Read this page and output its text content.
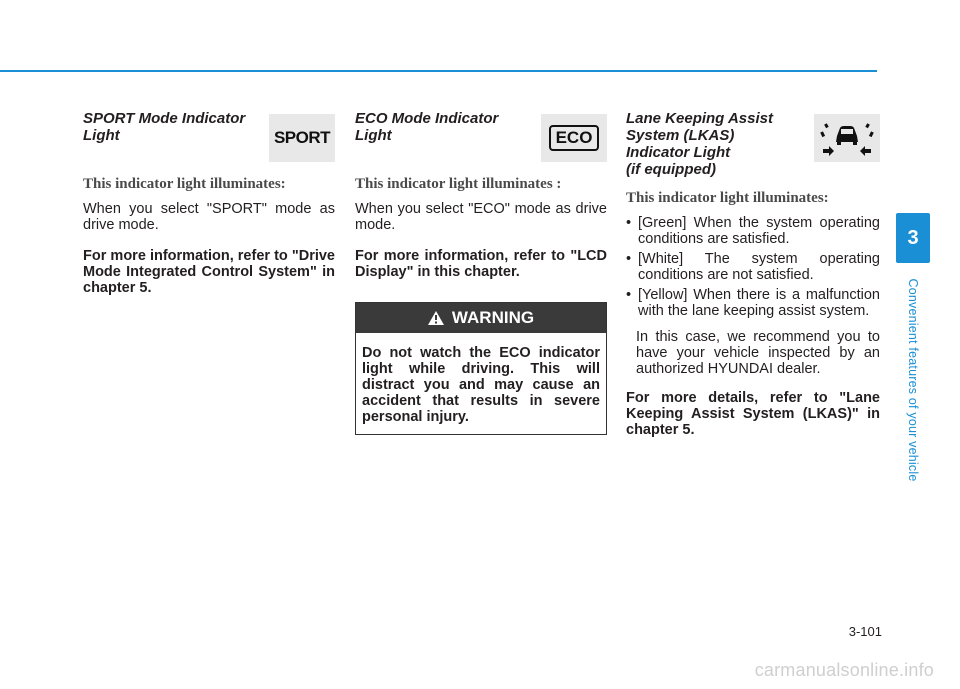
SPORT Mode Indicator Light	SPORT
This indicator light illuminates:

When you select "SPORT" mode as drive mode.

For more information, refer to "Drive Mode Integrated Control System" in chapter 5.

ECO Mode Indicator Light	ECO
This indicator light illuminates :

When you select "ECO" mode as drive mode.

For more information, refer to "LCD Display" in this chapter.

WARNING
Do not watch the ECO indicator light while driving. This will distract you and may cause an accident that results in severe personal injury.
Lane Keeping Assist
System (LKAS)
Indicator Light
(if equipped)
This indicator light illuminates:
• [Green] When the system operating conditions are satisfied.
• [White] The system operating conditions are not satisfied.
• [Yellow] When there is a malfunction with the lane keeping assist system.

In this case, we recommend you to have your vehicle inspected by an authorized HYUNDAI dealer.

For more details, refer to "Lane Keeping Assist System (LKAS)" in chapter 5.

3
Convenient features of your vehicle
3-101
carmanualsonline.info
